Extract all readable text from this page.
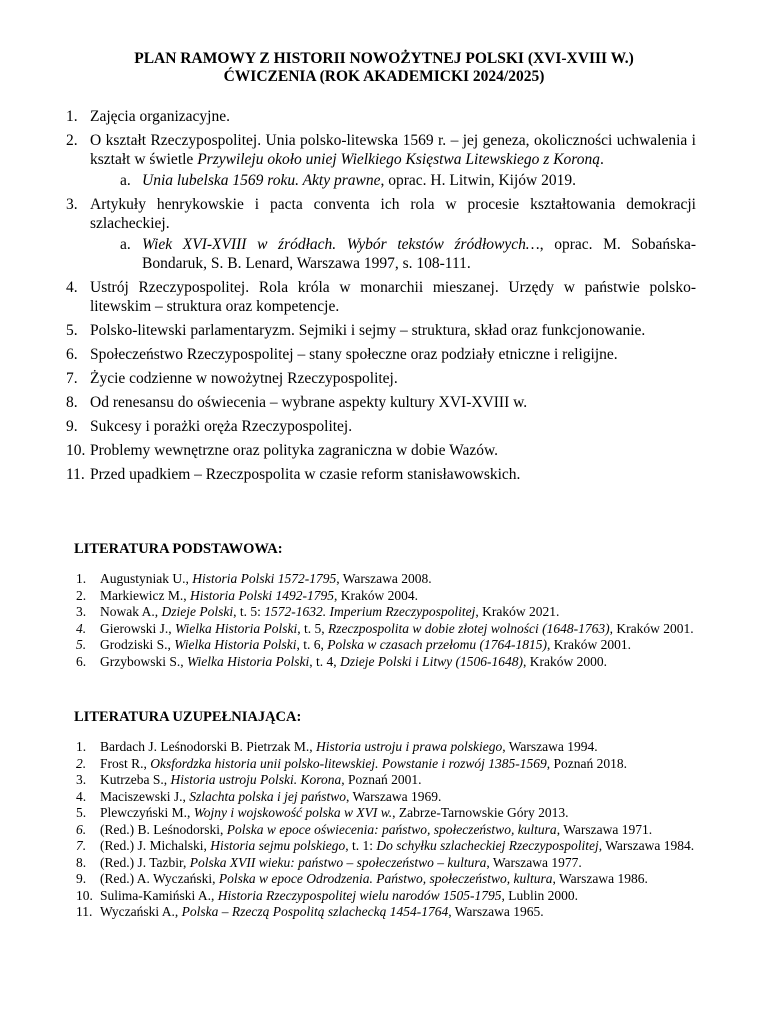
PLAN RAMOWY Z HISTORII NOWOŻYTNEJ POLSKI (XVI-XVIII W.)
ĆWICZENIA (ROK AKADEMICKI 2024/2025)
1. Zajęcia organizacyjne.
2. O kształt Rzeczypospolitej. Unia polsko-litewska 1569 r. – jej geneza, okoliczności uchwalenia i kształt w świetle Przywileju około uniej Wielkiego Księstwa Litewskiego z Koroną.
a. Unia lubelska 1569 roku. Akty prawne, oprac. H. Litwin, Kijów 2019.
3. Artykuły henrykowskie i pacta conventa ich rola w procesie kształtowania demokracji szlacheckiej.
a. Wiek XVI-XVIII w źródłach. Wybór tekstów źródłowych…, oprac. M. Sobańska-Bondaruk, S. B. Lenard, Warszawa 1997, s. 108-111.
4. Ustrój Rzeczypospolitej. Rola króla w monarchii mieszanej. Urzędy w państwie polsko-litewskim – struktura oraz kompetencje.
5. Polsko-litewski parlamentaryzm. Sejmiki i sejmy – struktura, skład oraz funkcjonowanie.
6. Społeczeństwo Rzeczypospolitej – stany społeczne oraz podziały etniczne i religijne.
7. Życie codzienne w nowożytnej Rzeczypospolitej.
8. Od renesansu do oświecenia – wybrane aspekty kultury XVI-XVIII w.
9. Sukcesy i porażki oręża Rzeczypospolitej.
10. Problemy wewnętrzne oraz polityka zagraniczna w dobie Wazów.
11. Przed upadkiem – Rzeczpospolita w czasie reform stanisławowskich.
LITERATURA PODSTAWOWA:
1. Augustyniak U., Historia Polski 1572-1795, Warszawa 2008.
2. Markiewicz M., Historia Polski 1492-1795, Kraków 2004.
3. Nowak A., Dzieje Polski, t. 5: 1572-1632. Imperium Rzeczypospolitej, Kraków 2021.
4. Gierowski J., Wielka Historia Polski, t. 5, Rzeczpospolita w dobie złotej wolności (1648-1763), Kraków 2001.
5. Grodziski S., Wielka Historia Polski, t. 6, Polska w czasach przełomu (1764-1815), Kraków 2001.
6. Grzybowski S., Wielka Historia Polski, t. 4, Dzieje Polski i Litwy (1506-1648), Kraków 2000.
LITERATURA UZUPEŁNIAJĄCA:
1. Bardach J. Leśnodorski B. Pietrzak M., Historia ustroju i prawa polskiego, Warszawa 1994.
2. Frost R., Oksfordzka historia unii polsko-litewskiej. Powstanie i rozwój 1385-1569, Poznań 2018.
3. Kutrzeba S., Historia ustroju Polski. Korona, Poznań 2001.
4. Maciszewski J., Szlachta polska i jej państwo, Warszawa 1969.
5. Plewczyński M., Wojny i wojskowość polska w XVI w., Zabrze-Tarnowskie Góry 2013.
6. (Red.) B. Leśnodorski, Polska w epoce oświecenia: państwo, społeczeństwo, kultura, Warszawa 1971.
7. (Red.) J. Michalski, Historia sejmu polskiego, t. 1: Do schyłku szlacheckiej Rzeczypospolitej, Warszawa 1984.
8. (Red.) J. Tazbir, Polska XVII wieku: państwo – społeczeństwo – kultura, Warszawa 1977.
9. (Red.) A. Wyczański, Polska w epoce Odrodzenia. Państwo, społeczeństwo, kultura, Warszawa 1986.
10. Sulima-Kamiński A., Historia Rzeczypospolitej wielu narodów 1505-1795, Lublin 2000.
11. Wyczański A., Polska – Rzeczą Pospolitą szlachecką 1454-1764, Warszawa 1965.
